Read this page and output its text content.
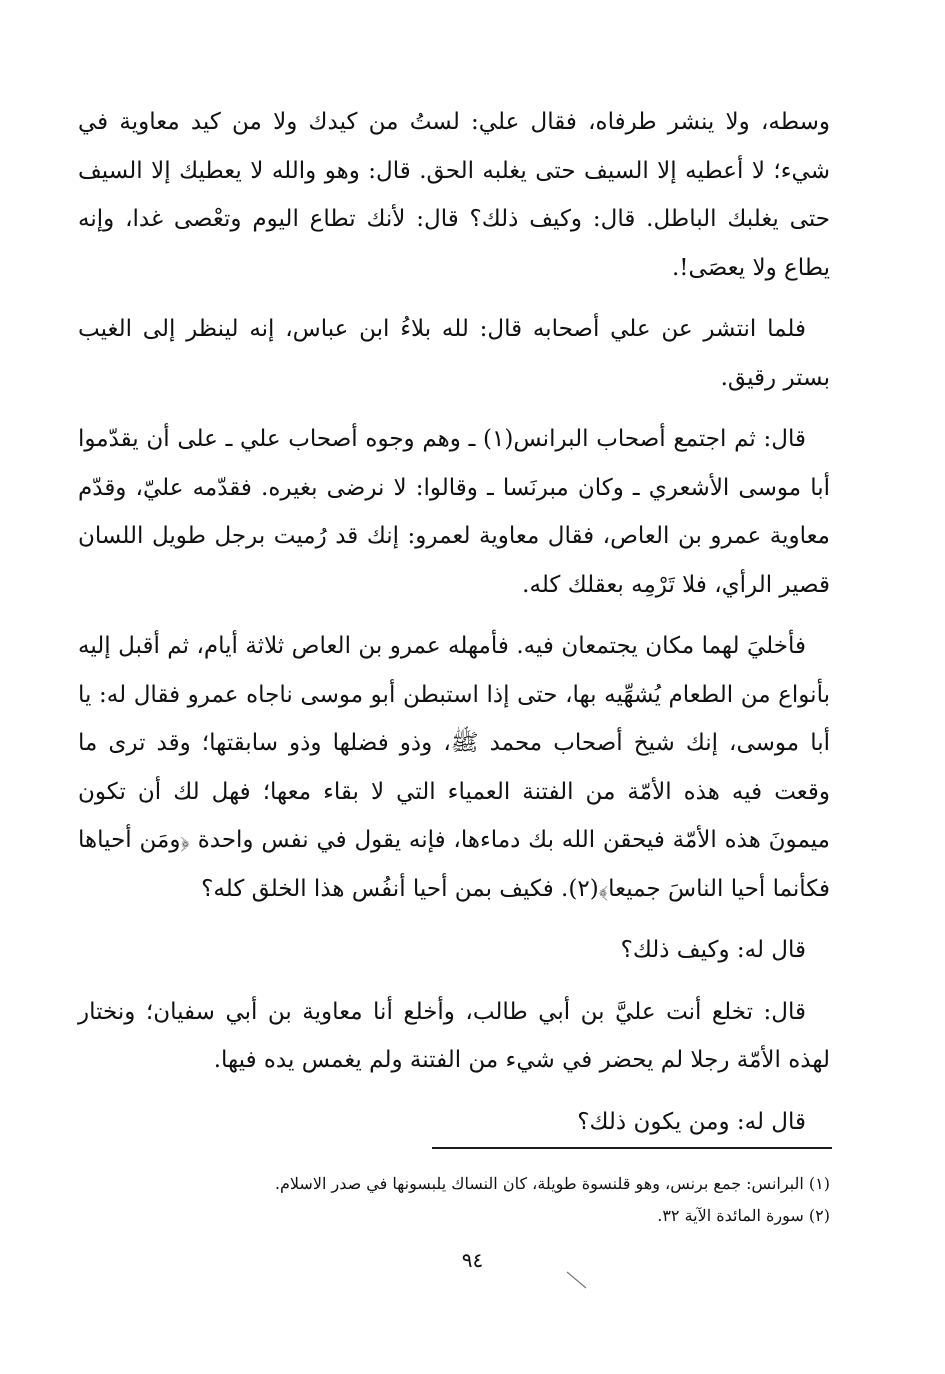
وسطه، ولا ينشر طرفاه، فقال علي: لستُ من كيدك ولا من كيد معاوية في شيء؛ لا أعطيه إلا السيف حتى يغلبه الحق. قال: وهو والله لا يعطيك إلا السيف حتى يغلبك الباطل. قال: وكيف ذلك؟ قال: لأنك تطاع اليوم وتعْصى غدا، وإنه يطاع ولا يعصَى!.

فلما انتشر عن علي أصحابه قال: لله بلاءُ ابن عباس، إنه لينظر إلى الغيب بستر رقيق.

قال: ثم اجتمع أصحاب البرانس(١) ـ وهم وجوه أصحاب علي ـ على أن يقدّموا أبا موسى الأشعري ـ وكان مبرنَسا ـ وقالوا: لا نرضى بغيره. فقدّمه عليّ، وقدّم معاوية عمرو بن العاص، فقال معاوية لعمرو: إنك قد رُميت برجل طويل اللسان قصير الرأي، فلا تَرْمِه بعقلك كله.

فأخليَ لهما مكان يجتمعان فيه. فأمهله عمرو بن العاص ثلاثة أيام، ثم أقبل إليه بأنواع من الطعام يُشهِّيه بها، حتى إذا استبطن أبو موسى ناجاه عمرو فقال له: يا أبا موسى، إنك شيخ أصحاب محمد ﷺ، وذو فضلها وذو سابقتها؛ وقد ترى ما وقعت فيه هذه الأمّة من الفتنة العمياء التي لا بقاء معها؛ فهل لك أن تكون ميمونَ هذه الأمّة فيحقن الله بك دماءها، فإنه يقول في نفس واحدة ﴿ومَن أحياها فكأنما أحيا الناسَ جميعا﴾(٢). فكيف بمن أحيا أنفُس هذا الخلق كله؟

قال له: وكيف ذلك؟

قال: تخلع أنت عليَّ بن أبي طالب، وأخلع أنا معاوية بن أبي سفيان؛ ونختار لهذه الأمّة رجلا لم يحضر في شيء من الفتنة ولم يغمس يده فيها.

قال له: ومن يكون ذلك؟

(١) البرانس: جمع برنس، وهو قلنسوة طويلة، كان النساك يلبسونها في صدر الاسلام.

(٢) سورة المائدة الآية ٣٢.

٩٤
